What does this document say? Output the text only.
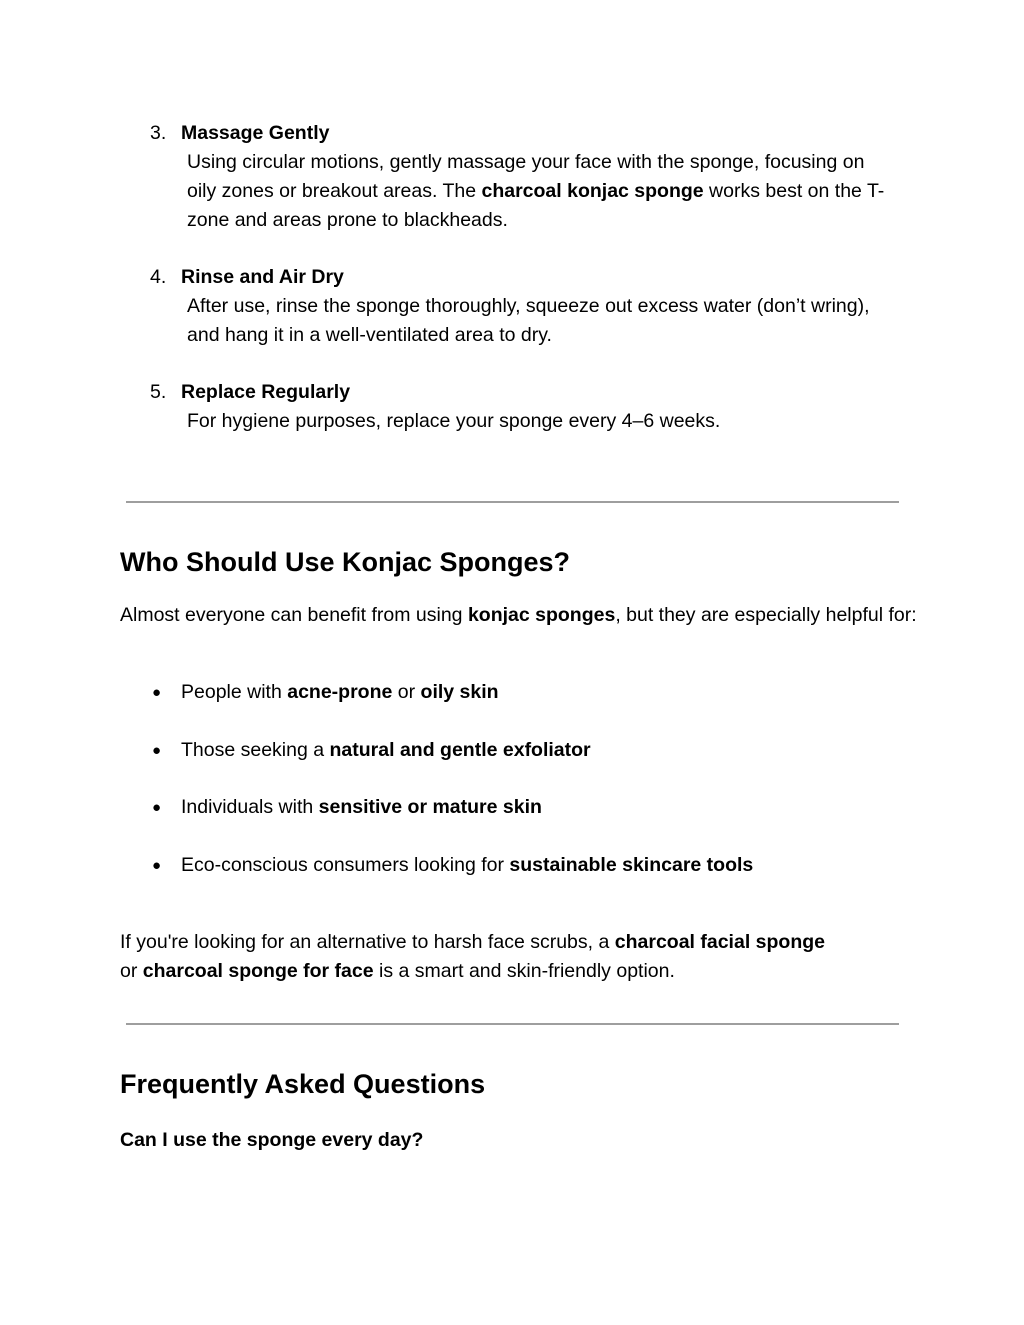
3. Massage Gently
Using circular motions, gently massage your face with the sponge, focusing on oily zones or breakout areas. The charcoal konjac sponge works best on the T-zone and areas prone to blackheads.
4. Rinse and Air Dry
After use, rinse the sponge thoroughly, squeeze out excess water (don’t wring), and hang it in a well-ventilated area to dry.
5. Replace Regularly
For hygiene purposes, replace your sponge every 4–6 weeks.
Who Should Use Konjac Sponges?

Almost everyone can benefit from using konjac sponges, but they are especially helpful for:

● People with acne-prone or oily skin
● Those seeking a natural and gentle exfoliator
● Individuals with sensitive or mature skin
● Eco-conscious consumers looking for sustainable skincare tools

If you're looking for an alternative to harsh face scrubs, a charcoal facial sponge or charcoal sponge for face is a smart and skin-friendly option.

Frequently Asked Questions
Can I use the sponge every day?
